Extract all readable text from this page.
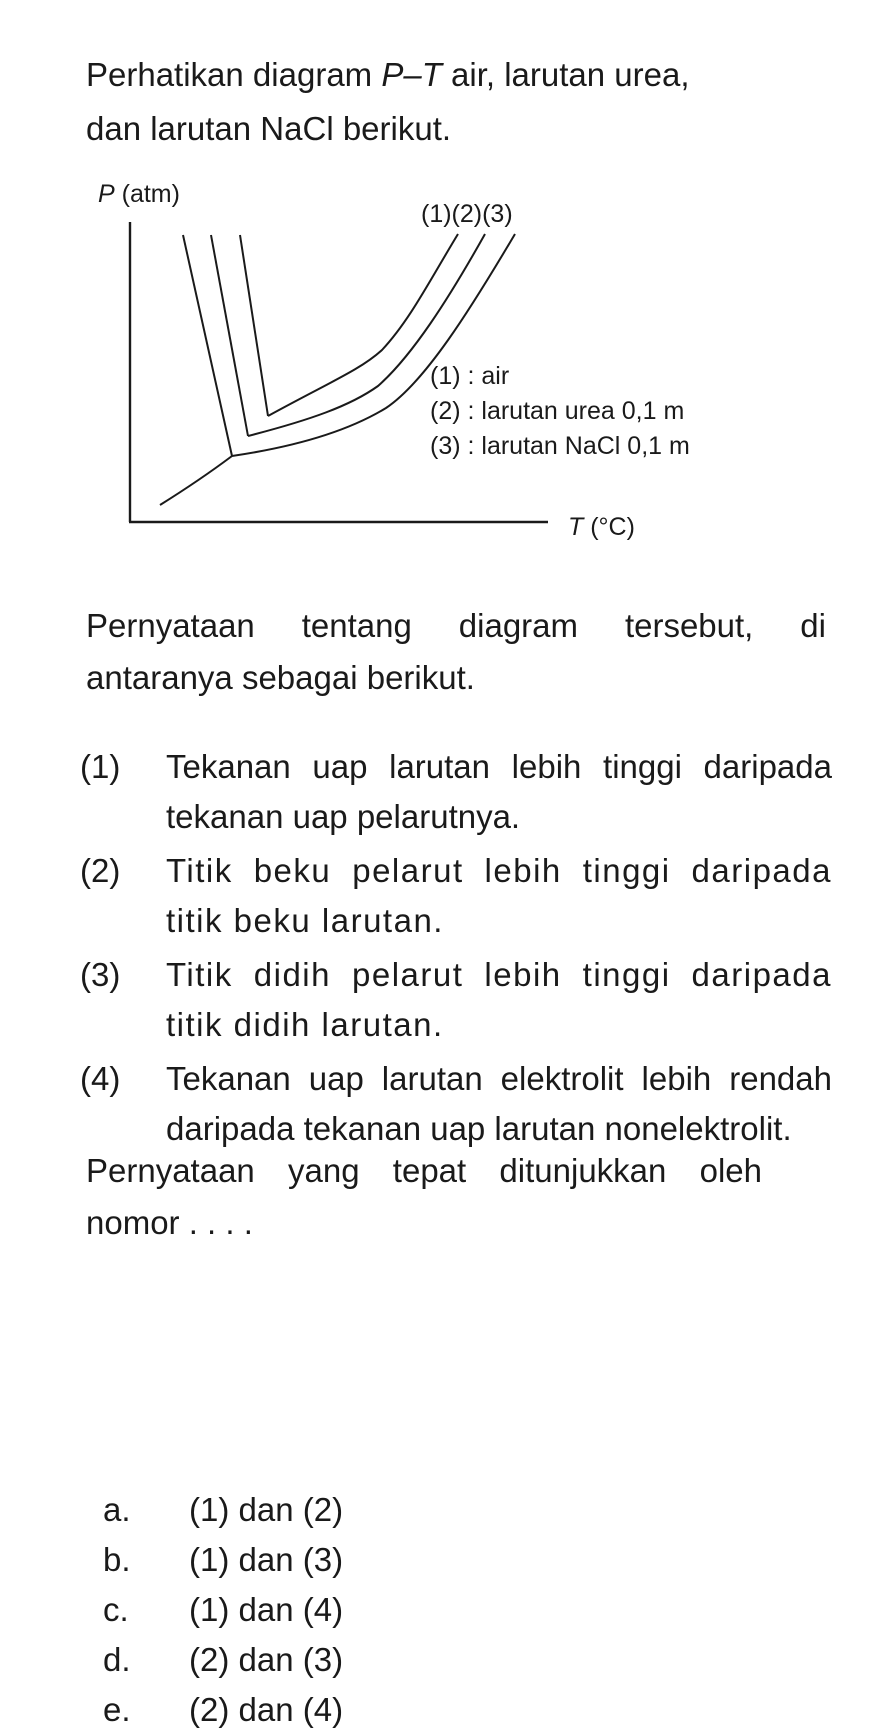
Perhatikan diagram P–T air, larutan urea,
dan larutan NaCl berikut.
P (atm)
T (°C)
(1)(2)(3)
(1) : air
(2) : larutan urea 0,1 m
(3) : larutan NaCl 0,1 m
Pernyataan tentang diagram tersebut, di antaranya sebagai berikut.
(1)	Tekanan uap larutan lebih tinggi daripada tekanan uap pelarutnya.
(2)	Titik beku pelarut lebih tinggi daripada titik beku larutan.
(3)	Titik didih pelarut lebih tinggi daripada titik didih larutan.
(4)	Tekanan uap larutan elektrolit lebih rendah daripada tekanan uap larutan nonelektrolit.
Pernyataan yang tepat ditunjukkan oleh nomor . . . .
a.	(1) dan (2)
b.	(1) dan (3)
c.	(1) dan (4)
d.	(2) dan (3)
e.	(2) dan (4)
